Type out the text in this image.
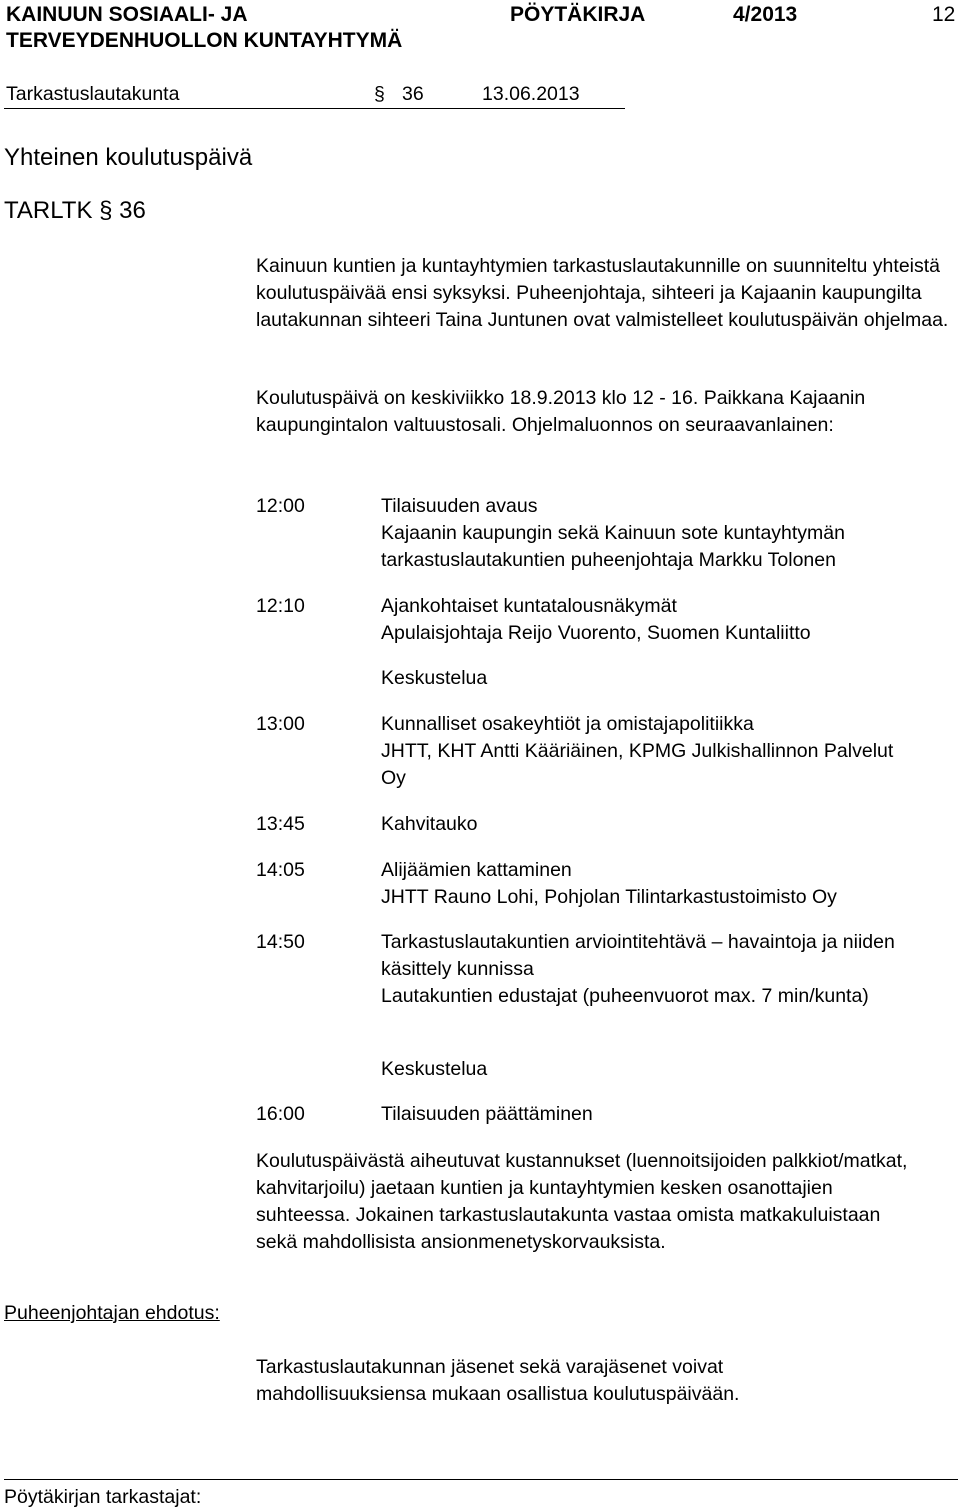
KAINUUN SOSIAALI- JA
TERVEYDENHUOLLON KUNTAYHTYMÄ
PÖYTÄKIRJA	4/2013	12
Tarkastuslautakunta	§ 36	13.06.2013
Yhteinen koulutuspäivä
TARLTK § 36
Kainuun kuntien ja kuntayhtymien tarkastuslautakunnille on suunniteltu yhteistä koulutuspäivää ensi syksyksi. Puheenjohtaja, sihteeri ja Kajaanin kaupungilta lautakunnan sihteeri Taina Juntunen ovat valmistelleet koulutuspäivän ohjelmaa.
Koulutuspäivä on keskiviikko 18.9.2013 klo 12 - 16. Paikkana Kajaanin kaupungintalon valtuustosali. Ohjelmaluonnos on seuraavanlainen:
12:00	Tilaisuuden avaus
Kajaanin kaupungin sekä Kainuun sote kuntayhtymän tarkastuslautakuntien puheenjohtaja Markku Tolonen
12:10	Ajankohtaiset kuntatalousnäkymät
Apulaisjohtaja Reijo Vuorento, Suomen Kuntaliitto
Keskustelua
13:00	Kunnalliset osakeyhtiöt ja omistajapolitiikka
JHTT, KHT Antti Kääriäinen, KPMG Julkishallinnon Palvelut Oy
13:45	Kahvitauko
14:05	Alijäämien kattaminen
JHTT Rauno Lohi, Pohjolan Tilintarkastustoimisto Oy
14:50	Tarkastuslautakuntien arviointitehtävä – havaintoja ja niiden käsittely kunnissa
Lautakuntien edustajat (puheenvuorot max. 7 min/kunta)
Keskustelua
16:00	Tilaisuuden päättäminen
Koulutuspäivästä aiheutuvat kustannukset (luennoitsijoiden palkkiot/matkat, kahvitarjoilu) jaetaan kuntien ja kuntayhtymien kesken osanottajien suhteessa. Jokainen tarkastuslautakunta vastaa omista matkakuluistaan sekä mahdollisista ansionmenetyskorvauksista.
Puheenjohtajan ehdotus:
Tarkastuslautakunnan jäsenet sekä varajäsenet voivat mahdollisuuksiensa mukaan osallistua koulutuspäivään.
Pöytäkirjan tarkastajat:
